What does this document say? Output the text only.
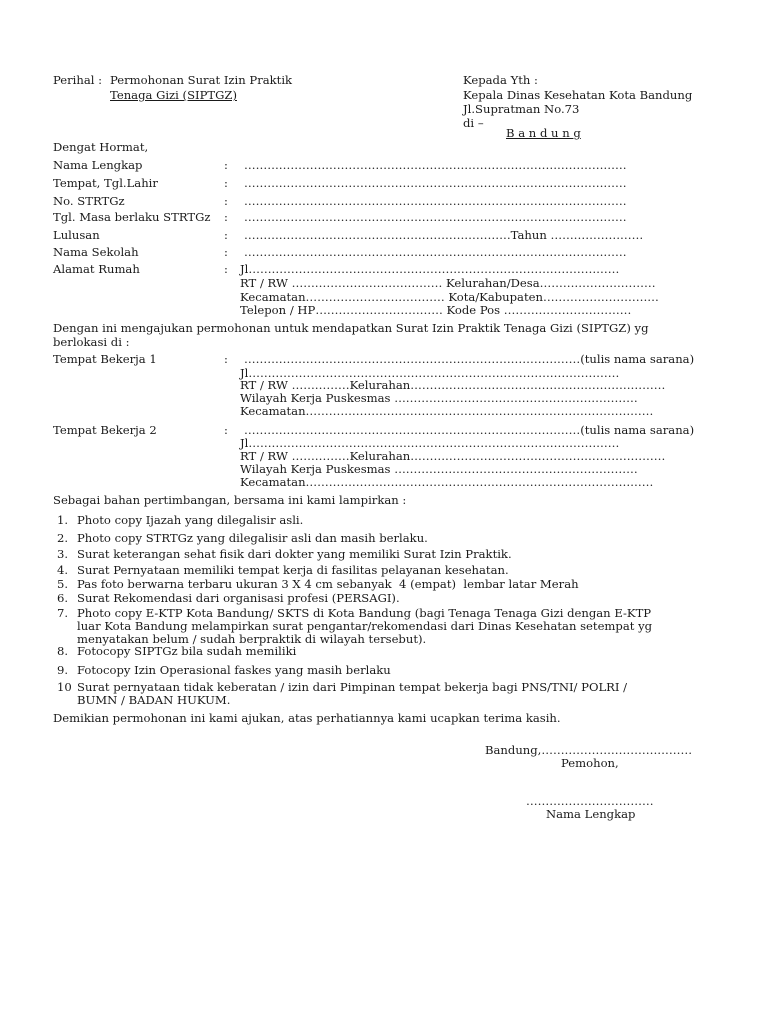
Perihal : Permohonan Surat Izin Praktik
Tenaga Gizi (SIPTGZ)
Kepada Yth :
Kepala Dinas Kesehatan Kota Bandung
Jl.Supratman No.73
di –
B a n d u n g
Dengat Hormat,
Nama Lengkap	: ………………………………………………………………………………………
Tempat, Tgl.Lahir	: ………………………………………………………………………………………
No. STRTGz	: ………………………………………………………………………………………
Tgl. Masa berlaku STRTGz : ………………………………………………………………………………………
Lulusan	: ……………………………………………………………Tahun ……………………
Nama Sekolah	: ………………………………………………………………………………………
Alamat Rumah	: Jl……………………………………………………………………………………
RT / RW ………………………………… Kelurahan/Desa…………………………
Kecamatan……………………………… Kota/Kabupaten…………………………
Telepon / HP…………………………… Kode Pos ……………………………
Dengan ini mengajukan permohonan untuk mendapatkan Surat Izin Praktik Tenaga Gizi (SIPTGZ) yg
berlokasi di :
Tempat Bekerja 1	: ……………………………………………………………………………(tulis nama sarana)
Jl……………………………………………………………………………………
RT / RW ……………Kelurahan…………………………………………………………
Wilayah Kerja Puskesmas ………………………………………………………
Kecamatan………………………………………………………………………………
Tempat Bekerja 2	: ……………………………………………………………………………(tulis nama sarana)
Jl……………………………………………………………………………………
RT / RW ……………Kelurahan…………………………………………………………
Wilayah Kerja Puskesmas ………………………………………………………
Kecamatan………………………………………………………………………………
Sebagai bahan pertimbangan, bersama ini kami lampirkan :
1. Photo copy Ijazah yang dilegalisir asli.
2. Photo copy STRTGz yang dilegalisir asli dan masih berlaku.
3. Surat keterangan sehat fisik dari dokter yang memiliki Surat Izin Praktik.
4. Surat Pernyataan memiliki tempat kerja di fasilitas pelayanan kesehatan.
5. Pas foto berwarna terbaru ukuran 3 X 4 cm sebanyak  4 (empat)  lembar latar Merah
6. Surat Rekomendasi dari organisasi profesi (PERSAGI).
7. Photo copy E-KTP Kota Bandung/ SKTS di Kota Bandung (bagi Tenaga Tenaga Gizi dengan E-KTP
luar Kota Bandung melampirkan surat pengantar/rekomendasi dari Dinas Kesehatan setempat yg
menyatakan belum / sudah berpraktik di wilayah tersebut).
8. Fotocopy SIPTGz bila sudah memiliki
9. Fotocopy Izin Operasional faskes yang masih berlaku
10 Surat pernyataan tidak keberatan / izin dari Pimpinan tempat bekerja bagi PNS/TNI/ POLRI /
BUMN / BADAN HUKUM.
Demikian permohonan ini kami ajukan, atas perhatiannya kami ucapkan terima kasih.
Bandung,…………………………………
Pemohon,
……………………………
Nama Lengkap
